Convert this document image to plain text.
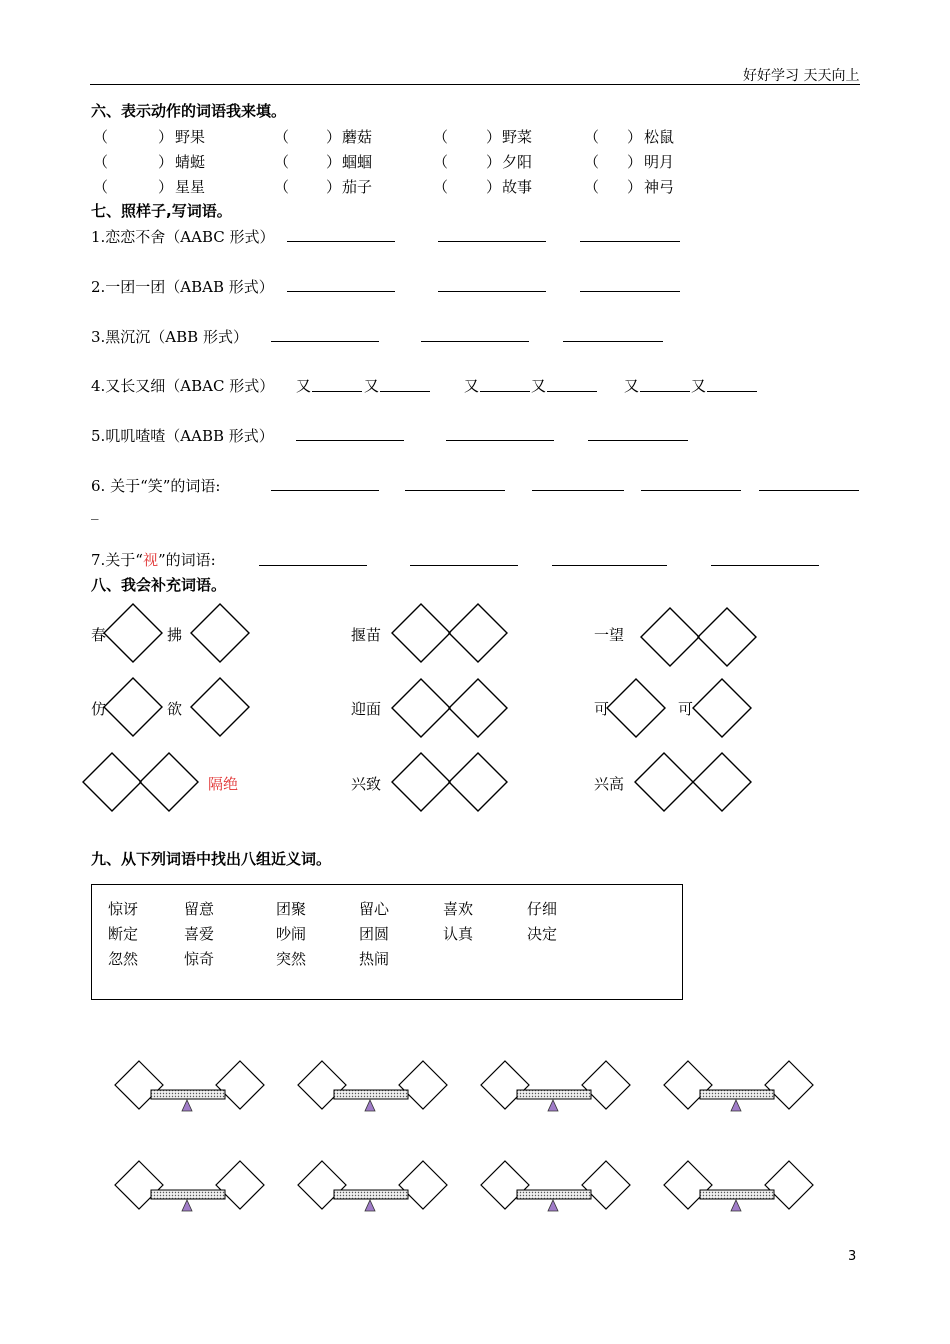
好好学习 天天向上
六、表示动作的词语我来填。
（	） 野果	（ ） 蘑菇	（	） 野菜	（ ） 松鼠
（	） 蜻蜓	（ ） 蝈蝈	（	） 夕阳	（ ） 明月
（	） 星星	（ ） 茄子	（	） 故事	（ ） 神弓
七、照样子,写词语。
1.恋恋不舍（AABC 形式）
2.一团一团（ABAB 形式）
3.黑沉沉（ABB 形式）
4.又长又细（ABAC 形式） 又	又	又	又	又	又
5.叽叽喳喳（AABB 形式）
6. 关于“笑”的词语:
_
7.关于“视”的词语:
八、我会补充词语。
春	拂	揠苗	一望
仿	欲	迎面	可	可
隔绝	兴致	兴高
九、从下列词语中找出八组近义词。
惊讶	留意	团聚	留心	喜欢	仔细
断定	喜爱	吵闹	团圆	认真	决定
忽然	惊奇	突然	热闹
3
